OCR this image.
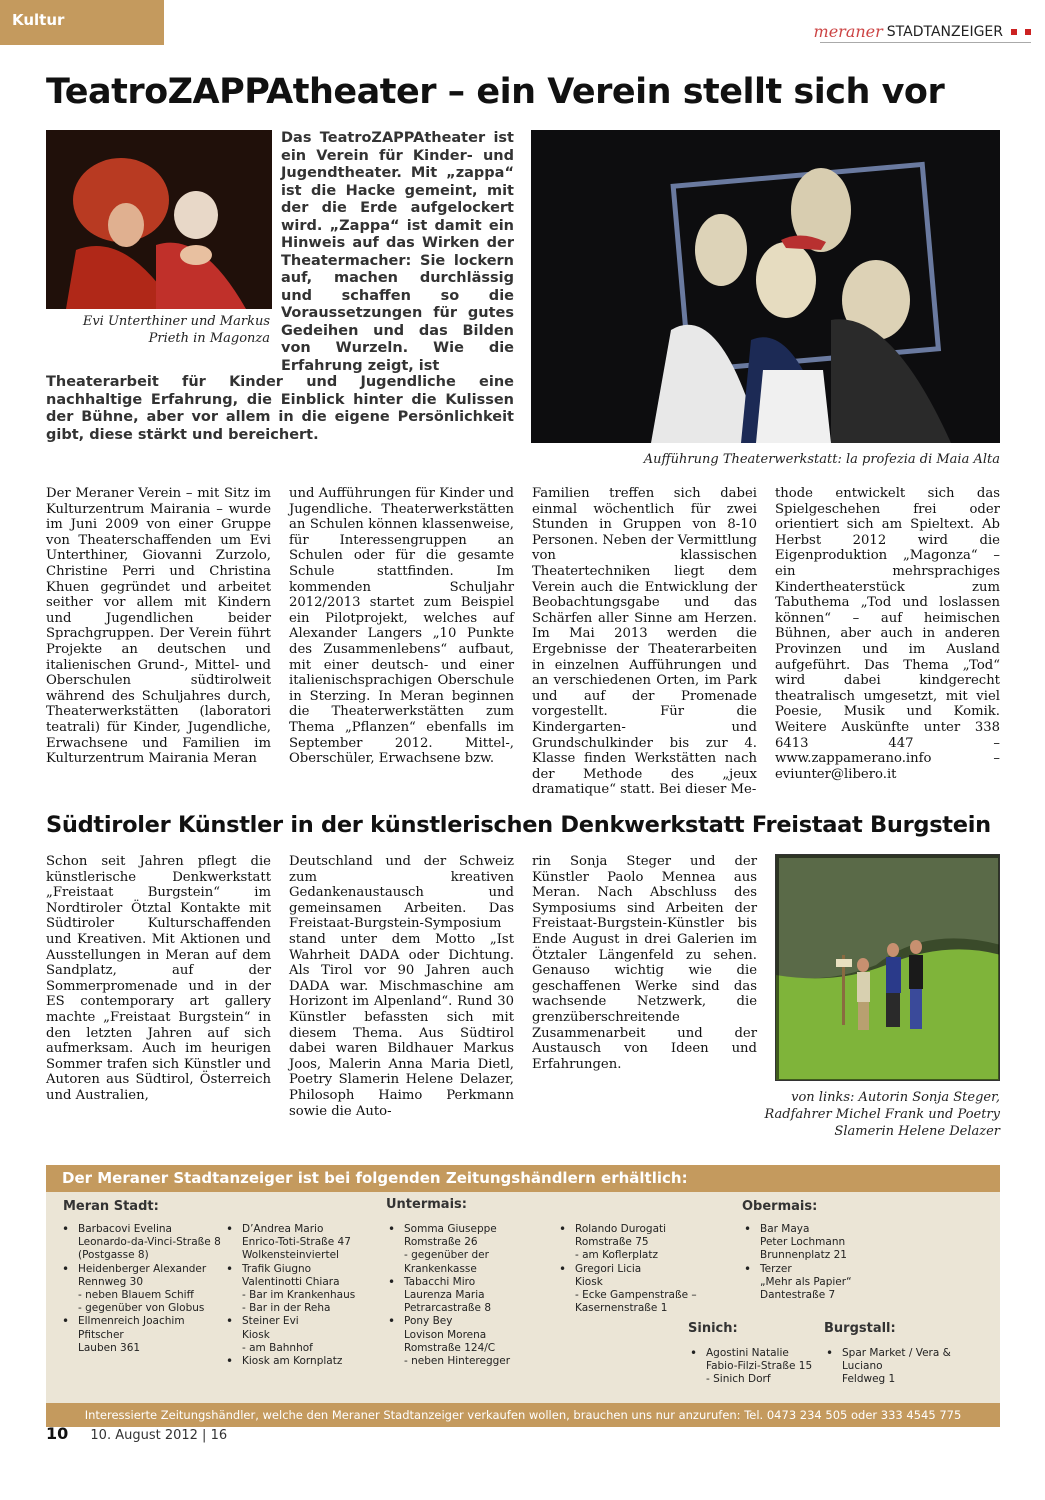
Kultur
meraner STADTANZEIGER
TeatroZAPPAtheater – ein Verein stellt sich vor
Evi Unterthiner und Markus Prieth in Magonza
Das TeatroZAPPAtheater ist ein Verein für Kinder- und Jugendtheater. Mit „zappa“ ist die Hacke gemeint, mit der die Erde aufgelockert wird. „Zappa“ ist damit ein Hinweis auf das Wirken der Theatermacher: Sie lockern auf, machen durchlässig und schaffen so die Voraussetzungen für gutes Gedeihen und das Bilden von Wurzeln. Wie die Erfahrung zeigt, ist
Theaterarbeit für Kinder und Jugendliche eine nachhaltige Erfahrung, die Einblick hinter die Kulissen der Bühne, aber vor allem in die eigene Persönlichkeit gibt, diese stärkt und bereichert.
Aufführung Theaterwerkstatt: la profezia di Maia Alta
Der Meraner Verein – mit Sitz im Kulturzentrum Mairania – wurde im Juni 2009 von einer Gruppe von Theaterschaffenden um Evi Unterthiner, Giovanni Zurzolo, Christine Perri und Christina Khuen gegründet und arbeitet seither vor allem mit Kindern und Jugendlichen beider Sprachgruppen. Der Verein führt Projekte an deutschen und italienischen Grund-, Mittel- und Oberschulen südtirolweit während des Schuljahres durch, Theaterwerkstätten (laboratori teatrali) für Kinder, Jugendliche, Erwachsene und Familien im Kulturzentrum Mairania Meran
und Aufführungen für Kinder und Jugendliche. Theaterwerkstätten an Schulen können klassenweise, für Interessengruppen an Schulen oder für die gesamte Schule stattfinden. Im kommenden Schuljahr 2012/2013 startet zum Beispiel ein Pilotprojekt, welches auf Alexander Langers „10 Punkte des Zusammenlebens“ aufbaut, mit einer deutsch- und einer italienischsprachigen Oberschule in Sterzing. In Meran beginnen die Theaterwerkstätten zum Thema „Pflanzen“ ebenfalls im September 2012. Mittel-, Oberschüler, Erwachsene bzw.
Familien treffen sich dabei einmal wöchentlich für zwei Stunden in Gruppen von 8-10 Personen. Neben der Vermittlung von klassischen Theatertechniken liegt dem Verein auch die Entwicklung der Beobachtungsgabe und das Schärfen aller Sinne am Herzen. Im Mai 2013 werden die Ergebnisse der Theaterarbeiten in einzelnen Aufführungen und an verschiedenen Orten, im Park und auf der Promenade vorgestellt. Für die Kindergarten- und Grundschulkinder bis zur 4. Klasse finden Werkstätten nach der Methode des „jeux dramatique“ statt. Bei dieser Me-
thode entwickelt sich das Spielgeschehen frei oder orientiert sich am Spieltext. Ab Herbst 2012 wird die Eigenproduktion „Magonza“ – ein mehrsprachiges Kindertheaterstück zum Tabuthema „Tod und loslassen können“ – auf heimischen Bühnen, aber auch in anderen Provinzen und im Ausland aufgeführt. Das Thema „Tod“ wird dabei kindgerecht theatralisch umgesetzt, mit viel Poesie, Musik und Komik. Weitere Auskünfte unter 338 6413 447 – www.zappamerano.info – eviunter@libero.it
Südtiroler Künstler in der künstlerischen Denkwerkstatt Freistaat Burgstein
Schon seit Jahren pflegt die künstlerische Denkwerkstatt „Freistaat Burgstein“ im Nordtiroler Ötztal Kontakte mit Südtiroler Kulturschaffenden und Kreativen. Mit Aktionen und Ausstellungen in Meran auf dem Sandplatz, auf der Sommerpromenade und in der ES contemporary art gallery machte „Freistaat Burgstein“ in den letzten Jahren auf sich aufmerksam. Auch im heurigen Sommer trafen sich Künstler und Autoren aus Südtirol, Österreich und Australien,
Deutschland und der Schweiz zum kreativen Gedankenaustausch und gemeinsamen Arbeiten. Das Freistaat-Burgstein-Symposium stand unter dem Motto „Ist Wahrheit DADA oder Dichtung. Als Tirol vor 90 Jahren auch DADA war. Mischmaschine am Horizont im Alpenland“. Rund 30 Künstler befassten sich mit diesem Thema. Aus Südtirol dabei waren Bildhauer Markus Joos, Malerin Anna Maria Dietl, Poetry Slamerin Helene Delazer, Philosoph Haimo Perkmann sowie die Auto-
rin Sonja Steger und der Künstler Paolo Mennea aus Meran. Nach Abschluss des Symposiums sind Arbeiten der Freistaat-Burgstein-Künstler bis Ende August in drei Galerien im Ötztaler Längenfeld zu sehen. Genauso wichtig wie die geschaffenen Werke sind das wachsende Netzwerk, die grenzüberschreitende Zusammenarbeit und der Austausch von Ideen und Erfahrungen.
von links: Autorin Sonja Steger, Radfahrer Michel Frank und Poetry Slamerin Helene Delazer
Der Meraner Stadtanzeiger ist bei folgenden Zeitungshändlern erhältlich:
Meran Stadt:
• Barbacovi Evelina
Leonardo-da-Vinci-Straße 8
(Postgasse 8)
• Heidenberger Alexander
Rennweg 30
- neben Blauem Schiff
- gegenüber von Globus
• Ellmenreich Joachim
Pfitscher
Lauben 361
• D’Andrea Mario
Enrico-Toti-Straße 47
Wolkensteinviertel
• Trafik Giugno
Valentinotti Chiara
- Bar im Krankenhaus
- Bar in der Reha
• Steiner Evi
Kiosk
- am Bahnhof
• Kiosk am Kornplatz
Untermais:
• Somma Giuseppe
Romstraße 26
- gegenüber der Krankenkasse
• Tabacchi Miro
Laurenza Maria
Petrarcastraße 8
• Pony Bey
Lovison Morena
Romstraße 124/C
- neben Hinteregger
• Rolando Durogati
Romstraße 75
- am Koflerplatz
• Gregori Licia
Kiosk
- Ecke Gampenstraße –
Kasernenstraße 1
Obermais:
• Bar Maya
Peter Lochmann
Brunnenplatz 21
• Terzer
„Mehr als Papier“
Dantestraße 7
Sinich:
• Agostini Natalie
Fabio-Filzi-Straße 15
- Sinich Dorf
Burgstall:
• Spar Market / Vera & Luciano
Feldweg 1
Interessierte Zeitungshändler, welche den Meraner Stadtanzeiger verkaufen wollen, brauchen uns nur anzurufen: Tel. 0473 234 505 oder 333 4545 775
10 10. August 2012 | 16
